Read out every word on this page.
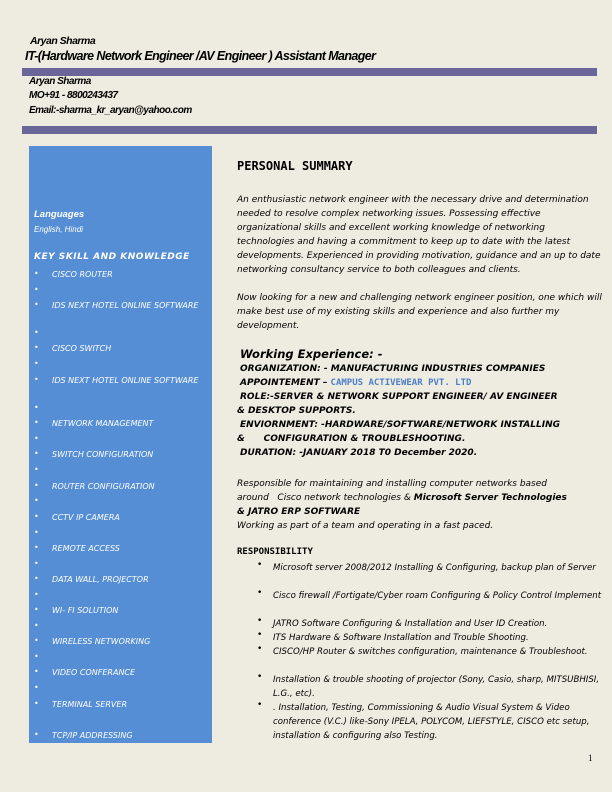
Aryan Sharma
IT-(Hardware Network Engineer /AV Engineer ) Assistant Manager
Aryan Sharma
MO+91 - 8800243437
Email:-sharma_kr_aryan@yahoo.com
Languages
English, Hindi
KEY SKILL AND KNOWLEDGE
• CISCO ROUTER
•
• IDS NEXT HOTEL ONLINE SOFTWARE
•
• CISCO SWITCH
•
• IDS NEXT HOTEL ONLINE SOFTWARE
•
• NETWORK MANAGEMENT
•
• SWITCH CONFIGURATION
•
• ROUTER CONFIGURATION
•
• CCTV IP CAMERA
•
• REMOTE ACCESS
•
• DATA WALL, PROJECTOR
•
• WI- FI SOLUTION
•
• WIRELESS NETWORKING
•
• VIDEO CONFERANCE
•
• TERMINAL SERVER
• TCP/IP ADDRESSING
PERSONAL SUMMARY
An enthusiastic network engineer with the necessary drive and determination needed to resolve complex networking issues. Possessing effective organizational skills and excellent working knowledge of networking technologies and having a commitment to keep up to date with the latest developments. Experienced in providing motivation, guidance and an up to date networking consultancy service to both colleagues and clients.
Now looking for a new and challenging network engineer position, one which will make best use of my existing skills and experience and also further my development.
Working Experience: -
ORGANIZATION: - MANUFACTURING INDUSTRIES COMPANIES
APPOINTEMENT – CAMPUS ACTIVEWEAR PVT. LTD
ROLE:-SERVER & NETWORK SUPPORT ENGINEER/ AV ENGINEER
& DESKTOP SUPPORTS.
ENVIORNMENT: -HARDWARE/SOFTWARE/NETWORK INSTALLING
&      CONFIGURATION & TROUBLESHOOTING.
DURATION: -JANUARY 2018 T0 December 2020.
Responsible for maintaining and installing computer networks based
around   Cisco network technologies & Microsoft Server Technologies
& JATRO ERP SOFTWARE
Working as part of a team and operating in a fast paced.
RESPONSIBILITY
• Microsoft server 2008/2012 Installing & Configuring, backup plan of Server
• Cisco firewall /Fortigate/Cyber roam Configuring & Policy Control Implement
• JATRO Software Configuring & Installation and User ID Creation.
• ITS Hardware & Software Installation and Trouble Shooting.
• CISCO/HP Router & switches configuration, maintenance & Troubleshoot.
• Installation & trouble shooting of projector (Sony, Casio, sharp, MITSUBHISI, L.G., etc).
• . Installation, Testing, Commissioning & Audio Visual System & Video conference (V.C.) like-Sony IPELA, POLYCOM, LIEFSTYLE, CISCO etc setup, installation & configuring also Testing.
1
